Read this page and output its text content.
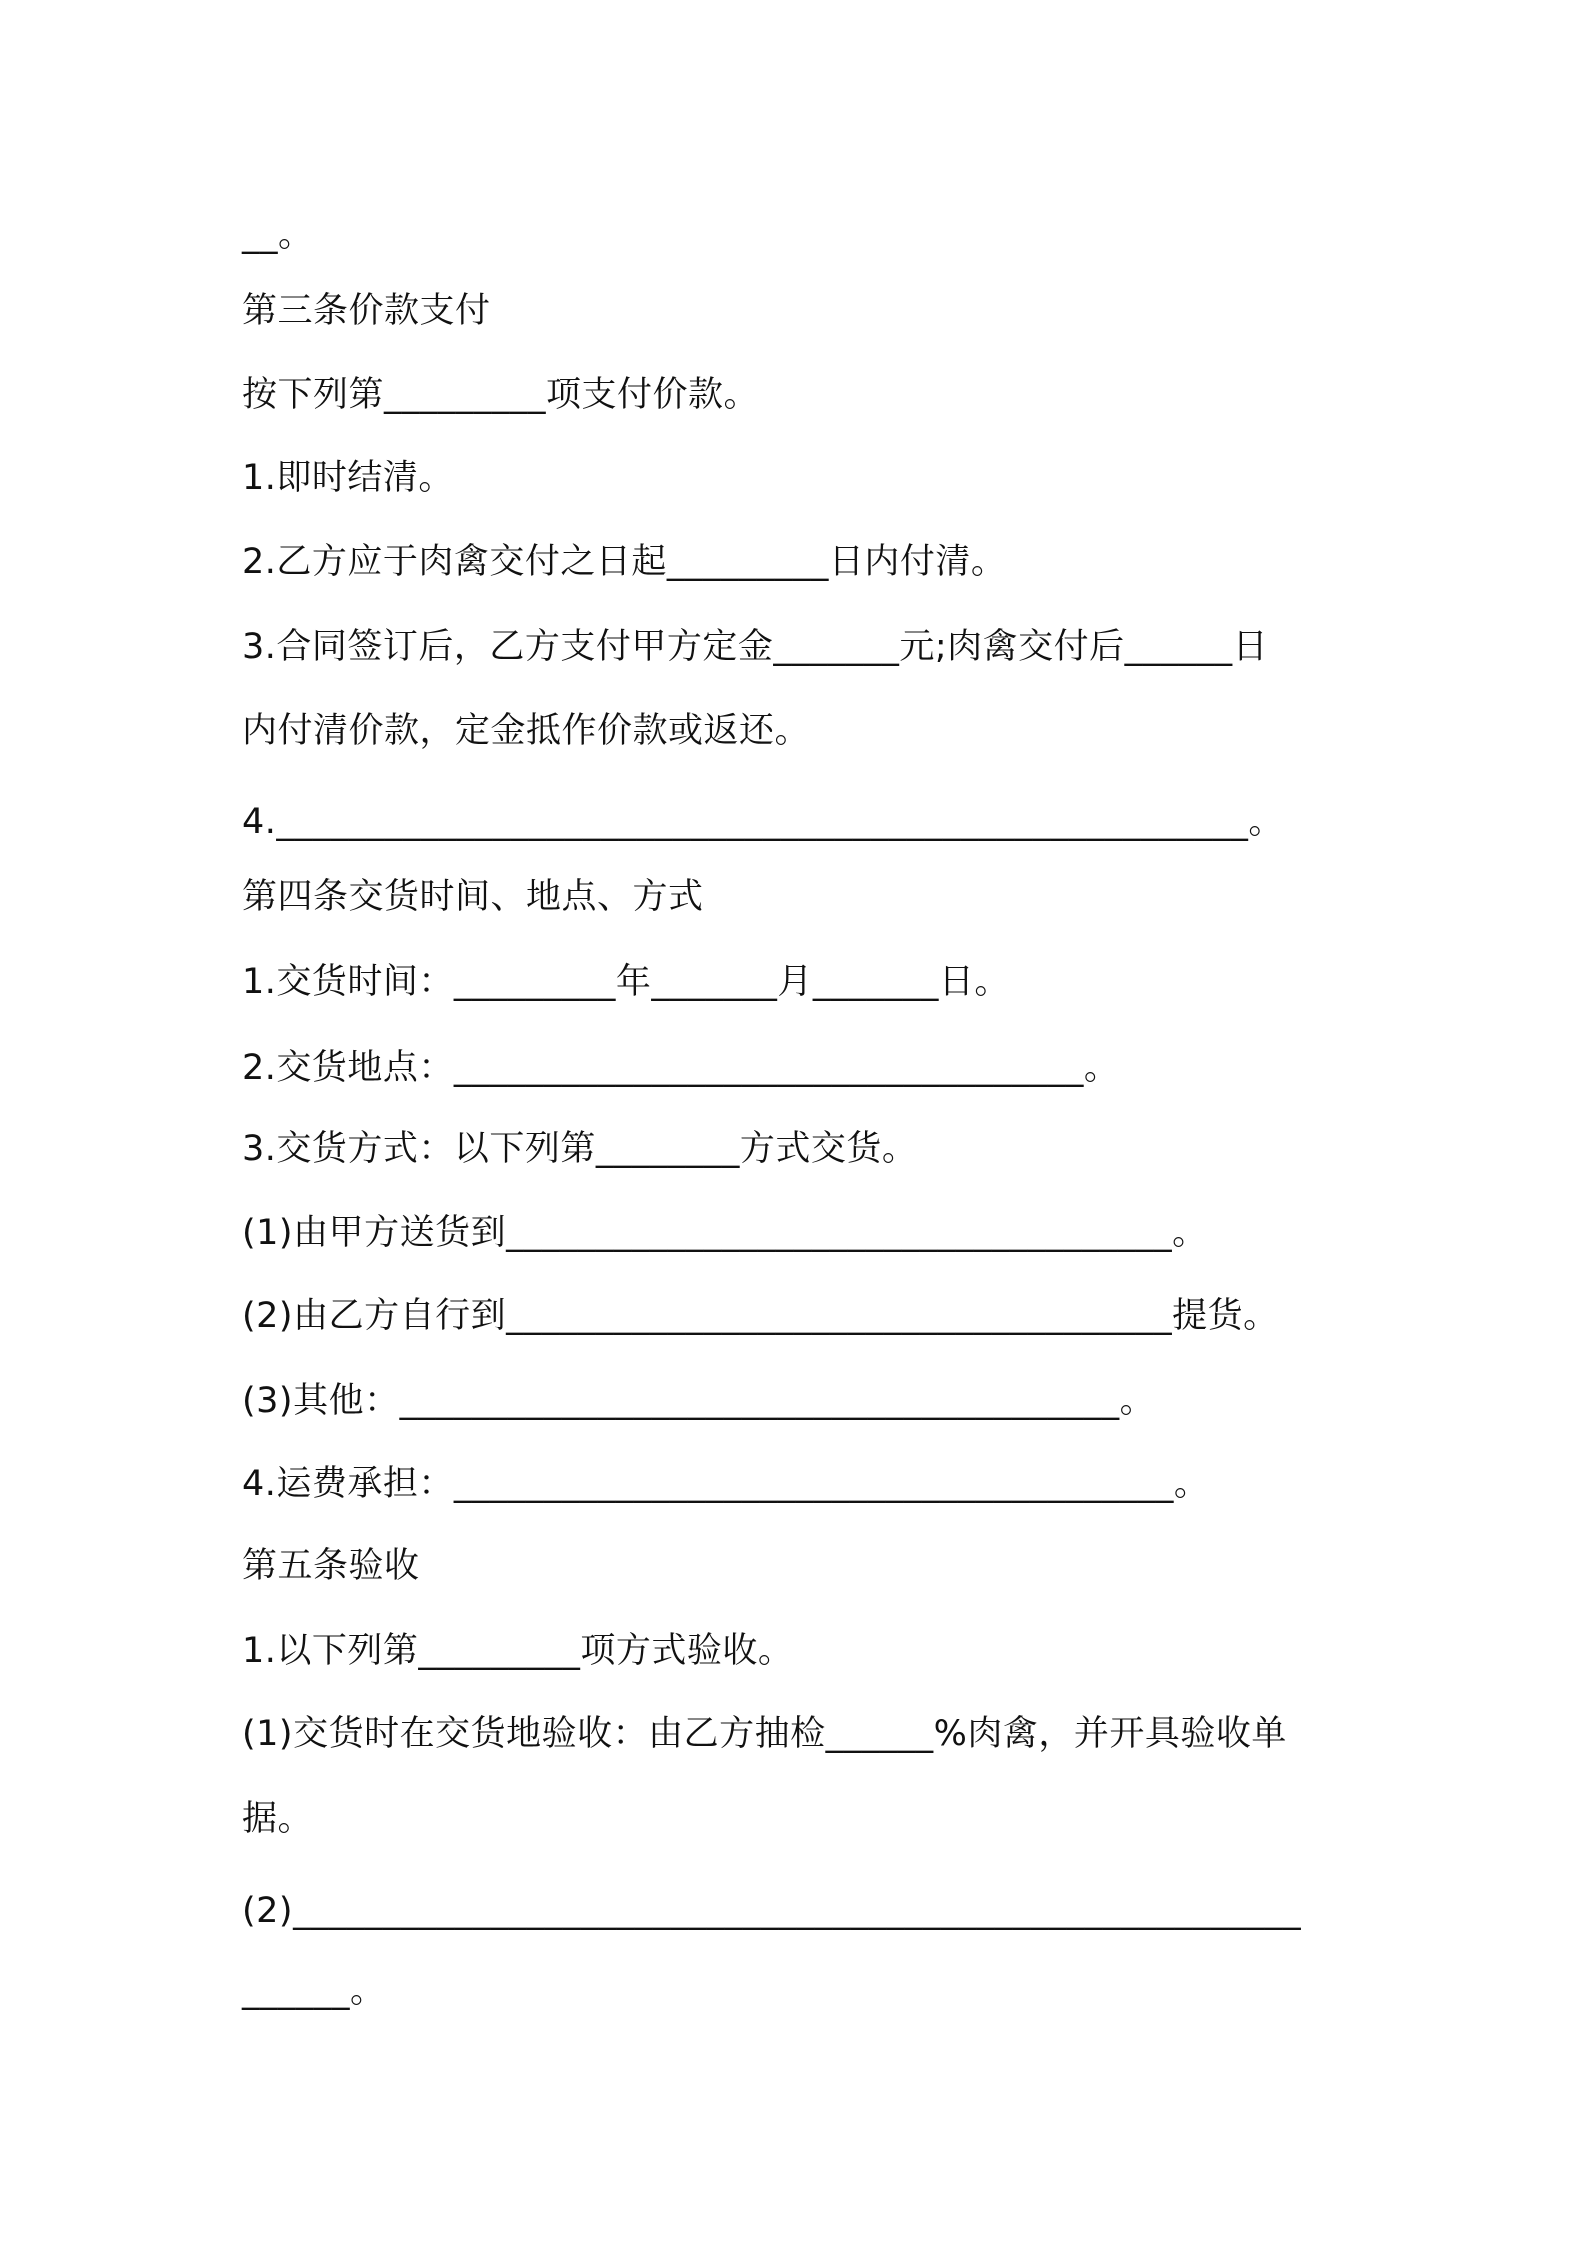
__。
第三条价款支付
按下列第_________项支付价款。
1.即时结清。
2.乙方应于肉禽交付之日起_________日内付清。
3.合同签订后，乙方支付甲方定金_______元;肉禽交付后______日
内付清价款，定金抵作价款或返还。
4.______________________________________________________。
第四条交货时间、地点、方式
1.交货时间：_________年_______月_______日。
2.交货地点：___________________________________。
3.交货方式：以下列第________方式交货。
(1)由甲方送货到_____________________________________。
(2)由乙方自行到_____________________________________提货。
(3)其他：________________________________________。
4.运费承担：________________________________________。
第五条验收
1.以下列第_________项方式验收。
(1)交货时在交货地验收：由乙方抽检______%肉禽，并开具验收单
据。
(2)________________________________________________________
______。
